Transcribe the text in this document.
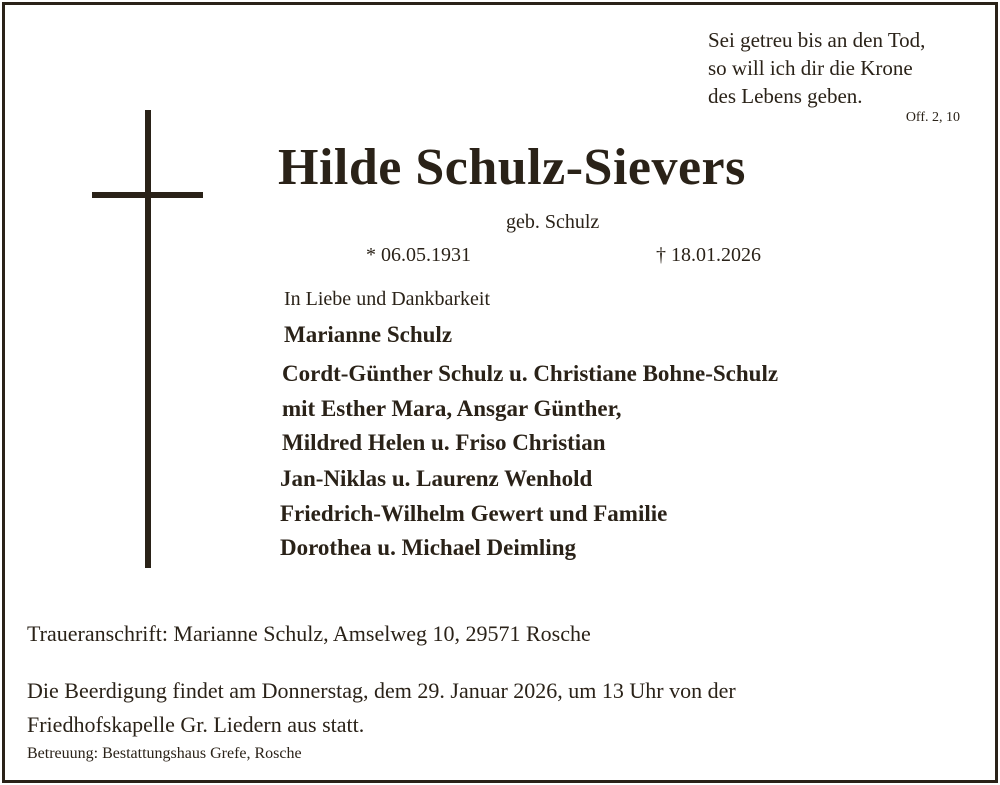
Sei getreu bis an den Tod,
so will ich dir die Krone
des Lebens geben.
Off. 2, 10
Hilde Schulz-Sievers
geb. Schulz
* 06.05.1931	† 18.01.2026
In Liebe und Dankbarkeit
Marianne Schulz
Cordt-Günther Schulz u. Christiane Bohne-Schulz
mit Esther Mara, Ansgar Günther,
Mildred Helen u. Friso Christian
Jan-Niklas u. Laurenz Wenhold
Friedrich-Wilhelm Gewert und Familie
Dorothea u. Michael Deimling
Traueranschrift: Marianne Schulz, Amselweg 10, 29571 Rosche
Die Beerdigung findet am Donnerstag, dem 29. Januar 2026, um 13 Uhr von der
Friedhofskapelle Gr. Liedern aus statt.
Betreuung: Bestattungshaus Grefe, Rosche
